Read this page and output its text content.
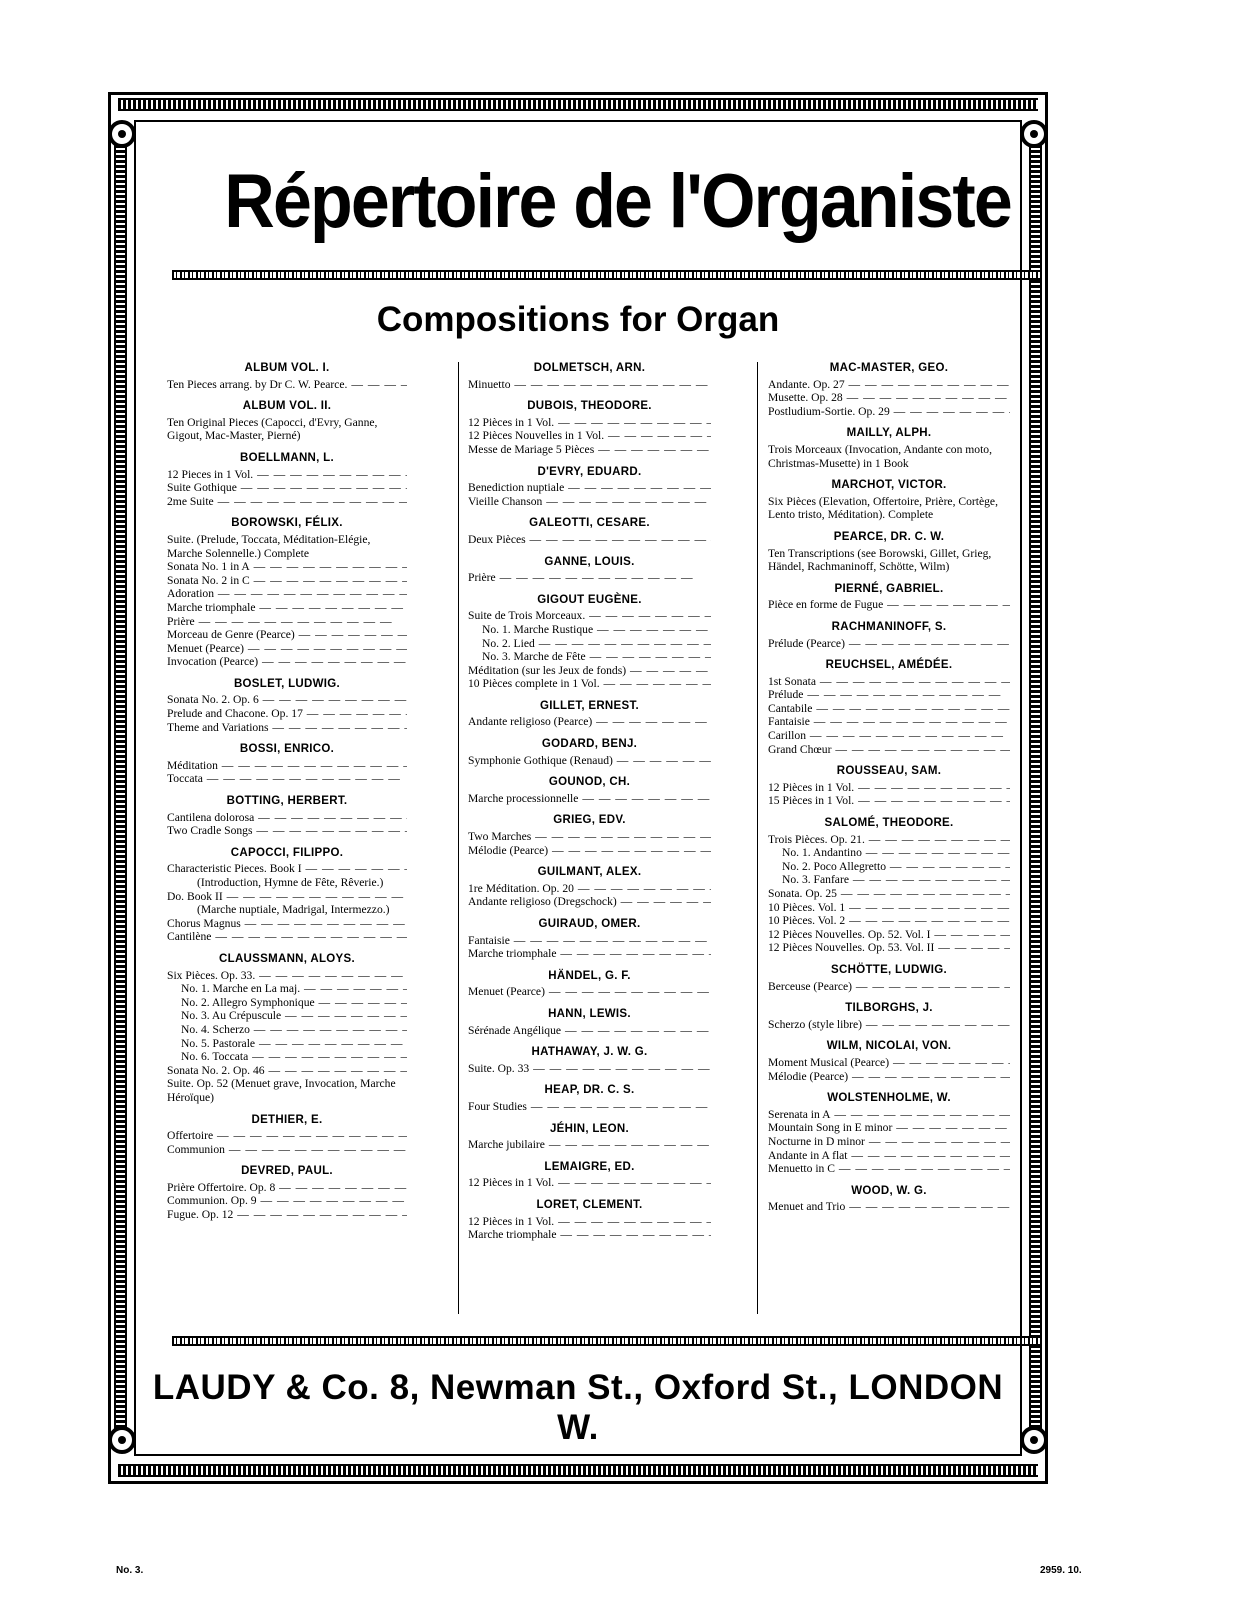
Répertoire de l'Organiste
Compositions for Organ
ALBUM VOL. I.
Ten Pieces arrang. by Dr C. W. Pearce. — — —
ALBUM VOL. II.
Ten Original Pieces (Capocci, d'Evry, Ganne, Gigout, Mac-Master, Pierné)
BOELLMANN, L.
12 Pieces in 1 Vol. — — —
Suite Gothique — — —
2me Suite — — —
BOROWSKI, FÉLIX.
Suite. (Prelude, Toccata, Méditation-Elégie, Marche Solennelle.) Complete
Sonata No. 1 in A — — —
Sonata No. 2 in C — — —
Adoration — — —
Marche triomphale — — —
Prière — — —
Morceau de Genre (Pearce) — — —
Menuet (Pearce) — — —
Invocation (Pearce) — — —
BOSLET, LUDWIG.
Sonata No. 2. Op. 6 — — —
Prelude and Chacone. Op. 17 — — —
Theme and Variations — — —
BOSSI, ENRICO.
Méditation — — —
Toccata — — —
BOTTING, HERBERT.
Cantilena dolorosa — — —
Two Cradle Songs — — —
CAPOCCI, FILIPPO.
Characteristic Pieces. Book I — — —
(Introduction, Hymne de Fête, Rêverie.)
Do. Book II — — —
(Marche nuptiale, Madrigal, Intermezzo.)
Chorus Magnus — — —
Cantilène — — —
CLAUSSMANN, ALOYS.
Six Pièces. Op. 33. — — —
No. 1. Marche en La maj. — — —
No. 2. Allegro Symphonique — — —
No. 3. Au Crépuscule — — —
No. 4. Scherzo — — —
No. 5. Pastorale — — —
No. 6. Toccata — — —
Sonata No. 2. Op. 46 — — —
Suite. Op. 52 (Menuet grave, Invocation, Marche Héroïque)
DETHIER, E.
Offertoire — — —
Communion — — —
DEVRED, PAUL.
Prière Offertoire. Op. 8 — — —
Communion. Op. 9 — — —
Fugue. Op. 12 — — —
DOLMETSCH, ARN.
Minuetto — — —
DUBOIS, THEODORE.
12 Pièces in 1 Vol. — — —
12 Pièces Nouvelles in 1 Vol. — — —
Messe de Mariage 5 Pièces — — —
D'EVRY, EDUARD.
Benediction nuptiale — — —
Vieille Chanson — — —
GALEOTTI, CESARE.
Deux Pièces — — —
GANNE, LOUIS.
Prière — — —
GIGOUT EUGÈNE.
Suite de Trois Morceaux. — — —
No. 1. Marche Rustique — — —
No. 2. Lied — — —
No. 3. Marche de Fête — — —
Méditation (sur les Jeux de fonds) — — —
10 Pièces complete in 1 Vol. — — —
GILLET, ERNEST.
Andante religioso (Pearce) — — —
GODARD, BENJ.
Symphonie Gothique (Renaud) — — —
GOUNOD, CH.
Marche processionnelle — — —
GRIEG, EDV.
Two Marches — — —
Mélodie (Pearce) — — —
GUILMANT, ALEX.
1re Méditation. Op. 20 — — —
Andante religioso (Dregschock) — — —
GUIRAUD, OMER.
Fantaisie — — —
Marche triomphale — — —
HÄNDEL, G. F.
Menuet (Pearce) — — —
HANN, LEWIS.
Sérénade Angélique — — —
HATHAWAY, J. W. G.
Suite. Op. 33 — — —
HEAP, DR. C. S.
Four Studies — — —
JÉHIN, LEON.
Marche jubilaire — — —
LEMAIGRE, ED.
12 Pièces in 1 Vol. — — —
LORET, CLEMENT.
12 Pièces in 1 Vol. — — —
Marche triomphale — — —
MAC-MASTER, GEO.
Andante. Op. 27 — — —
Musette. Op. 28 — — —
Postludium-Sortie. Op. 29 — — —
MAILLY, ALPH.
Trois Morceaux (Invocation, Andante con moto, Christmas-Musette) in 1 Book
MARCHOT, VICTOR.
Six Pièces (Elevation, Offertoire, Prière, Cortège, Lento tristo, Méditation). Complete
PEARCE, DR. C. W.
Ten Transcriptions (see Borowski, Gillet, Grieg, Händel, Rachmaninoff, Schötte, Wilm)
PIERNÉ, GABRIEL.
Pièce en forme de Fugue — — —
RACHMANINOFF, S.
Prélude (Pearce) — — —
REUCHSEL, AMÉDÉE.
1st Sonata — — —
Prélude — — —
Cantabile — — —
Fantaisie — — —
Carillon — — —
Grand Chœur — — —
ROUSSEAU, SAM.
12 Pièces in 1 Vol. — — —
15 Pièces in 1 Vol. — — —
SALOMÉ, THEODORE.
Trois Pièces. Op. 21. — — —
No. 1. Andantino — — —
No. 2. Poco Allegretto — — —
No. 3. Fanfare — — —
Sonata. Op. 25 — — —
10 Pièces. Vol. 1 — — —
10 Pièces. Vol. 2 — — —
12 Pièces Nouvelles. Op. 52. Vol. I — — —
12 Pièces Nouvelles. Op. 53. Vol. II — — —
SCHÖTTE, LUDWIG.
Berceuse (Pearce) — — —
TILBORGHS, J.
Scherzo (style libre) — — —
WILM, NICOLAI, VON.
Moment Musical (Pearce) — — —
Mélodie (Pearce) — — —
WOLSTENHOLME, W.
Serenata in A — — —
Mountain Song in E minor — — —
Nocturne in D minor — — —
Andante in A flat — — —
Menuetto in C — — —
WOOD, W. G.
Menuet and Trio — — —
LAUDY & Co. 8, Newman St., Oxford St., LONDON W.
No. 3.	2959. 10.
